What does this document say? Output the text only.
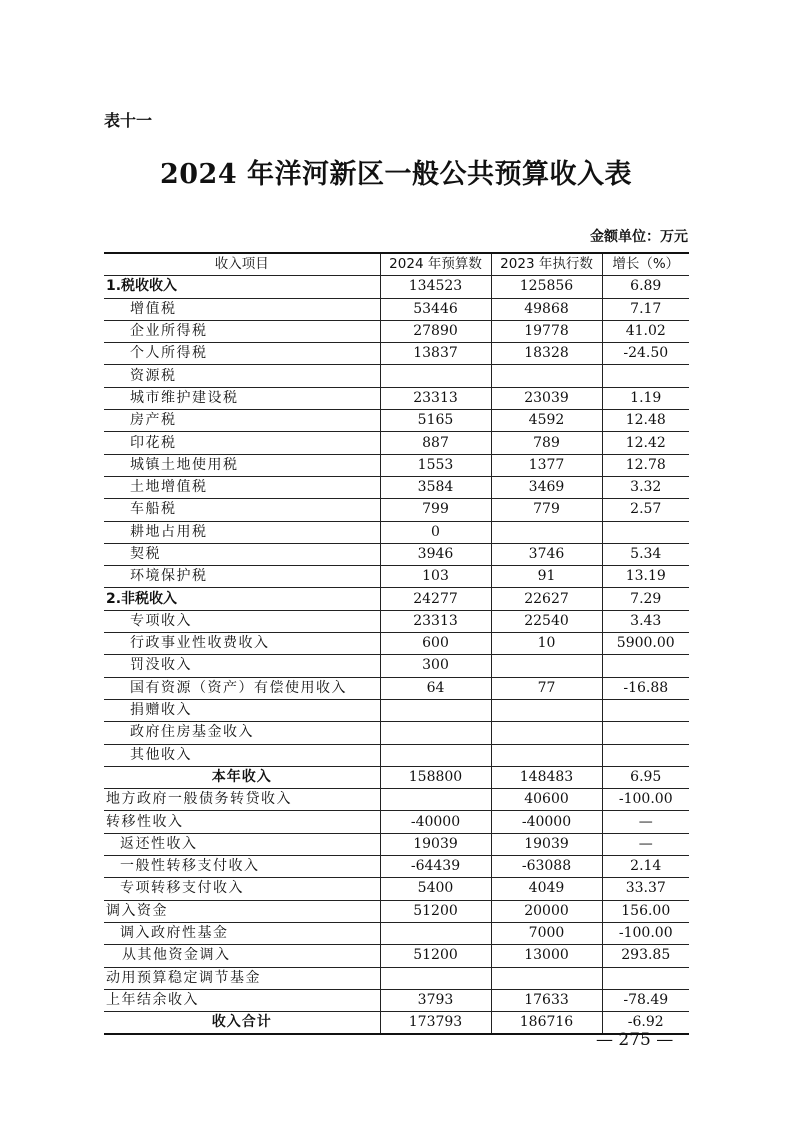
表十一
2024 年洋河新区一般公共预算收入表
金额单位：万元
收入项目	2024 年预算数	2023 年执行数	增长（%）
1.税收收入	134523	125856	6.89
增值税	53446	49868	7.17
企业所得税	27890	19778	41.02
个人所得税	13837	18328	-24.50
资源税			
城市维护建设税	23313	23039	1.19
房产税	5165	4592	12.48
印花税	887	789	12.42
城镇土地使用税	1553	1377	12.78
土地增值税	3584	3469	3.32
车船税	799	779	2.57
耕地占用税	0		
契税	3946	3746	5.34
环境保护税	103	91	13.19
2.非税收入	24277	22627	7.29
专项收入	23313	22540	3.43
行政事业性收费收入	600	10	5900.00
罚没收入	300		
国有资源（资产）有偿使用收入	64	77	-16.88
捐赠收入			
政府住房基金收入			
其他收入			
本年收入	158800	148483	6.95
地方政府一般债务转贷收入		40600	-100.00
转移性收入	-40000	-40000	—
返还性收入	19039	19039	—
一般性转移支付收入	-64439	-63088	2.14
专项转移支付收入	5400	4049	33.37
调入资金	51200	20000	156.00
调入政府性基金		7000	-100.00
从其他资金调入	51200	13000	293.85
动用预算稳定调节基金			
上年结余收入	3793	17633	-78.49
收入合计	173793	186716	-6.92
— 275 —
